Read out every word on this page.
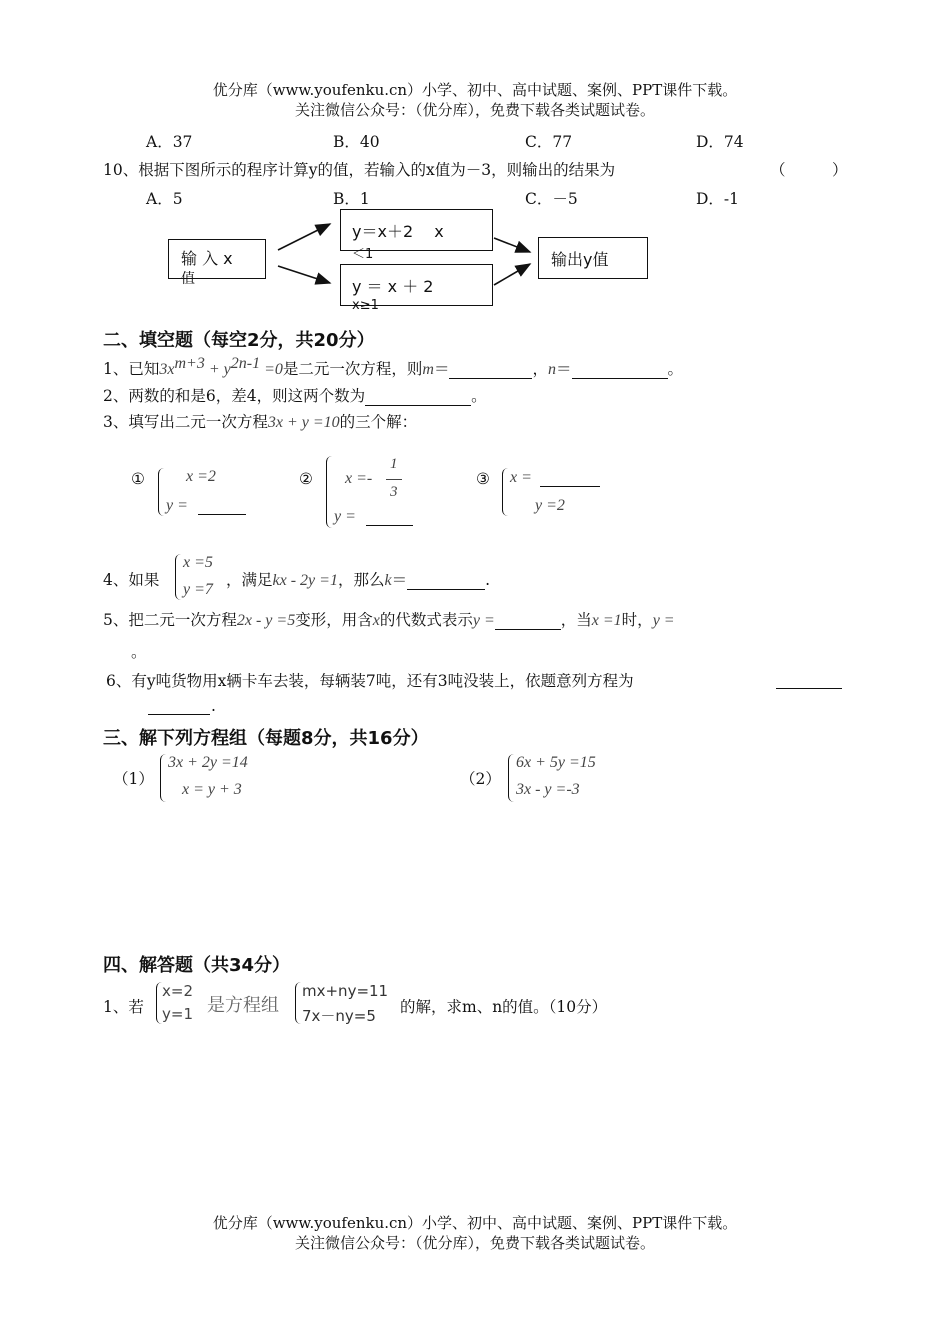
优分库（www.youfenku.cn）小学、初中、高中试题、案例、PPT课件下载。
关注微信公众号：（优分库），免费下载各类试题试卷。
A．37	B．40	C．77	D．74
10、根据下图所示的程序计算y的值，若输入的x值为－3，则输出的结果为	（　　　）
A．5	B．1	C．－5	D．-1
输 入 x
值
y＝x＋2　 x
＜1
y ＝ x ＋ 2
x≥1
输出y值
二、填空题（每空2分，共20分）
1、已知$3x^{m+3} + y^{2n-1} =0$是二元一次方程，则m＝	，n＝	。
2、两数的和是6，差4，则这两个数为	。
3、填写出二元一次方程3x + y =10的三个解：
①	x =2
y =
② x =-
1
3
y =
③ x =
y =2
4、如果
x =5
y =7
，满足kx - 2y =1，那么k＝	.
5、把二元一次方程2x - y =5变形，用含x的代数式表示y =	，当x =1时，y =
。
6、有y吨货物用x辆卡车去装，每辆装7吨，还有3吨没装上，依题意列方程为
.
三、解下列方程组（每题8分，共16分）
（1）
3x + 2y =14
x = y + 3
（2）
6x + 5y =15
3x - y =-3
四、解答题（共34分）
1、若
x=2
y=1 是方程组
mx+ny=11
7x－ny=5 的解，求m、n的值。（10分）
优分库（www.youfenku.cn）小学、初中、高中试题、案例、PPT课件下载。
关注微信公众号：（优分库），免费下载各类试题试卷。
